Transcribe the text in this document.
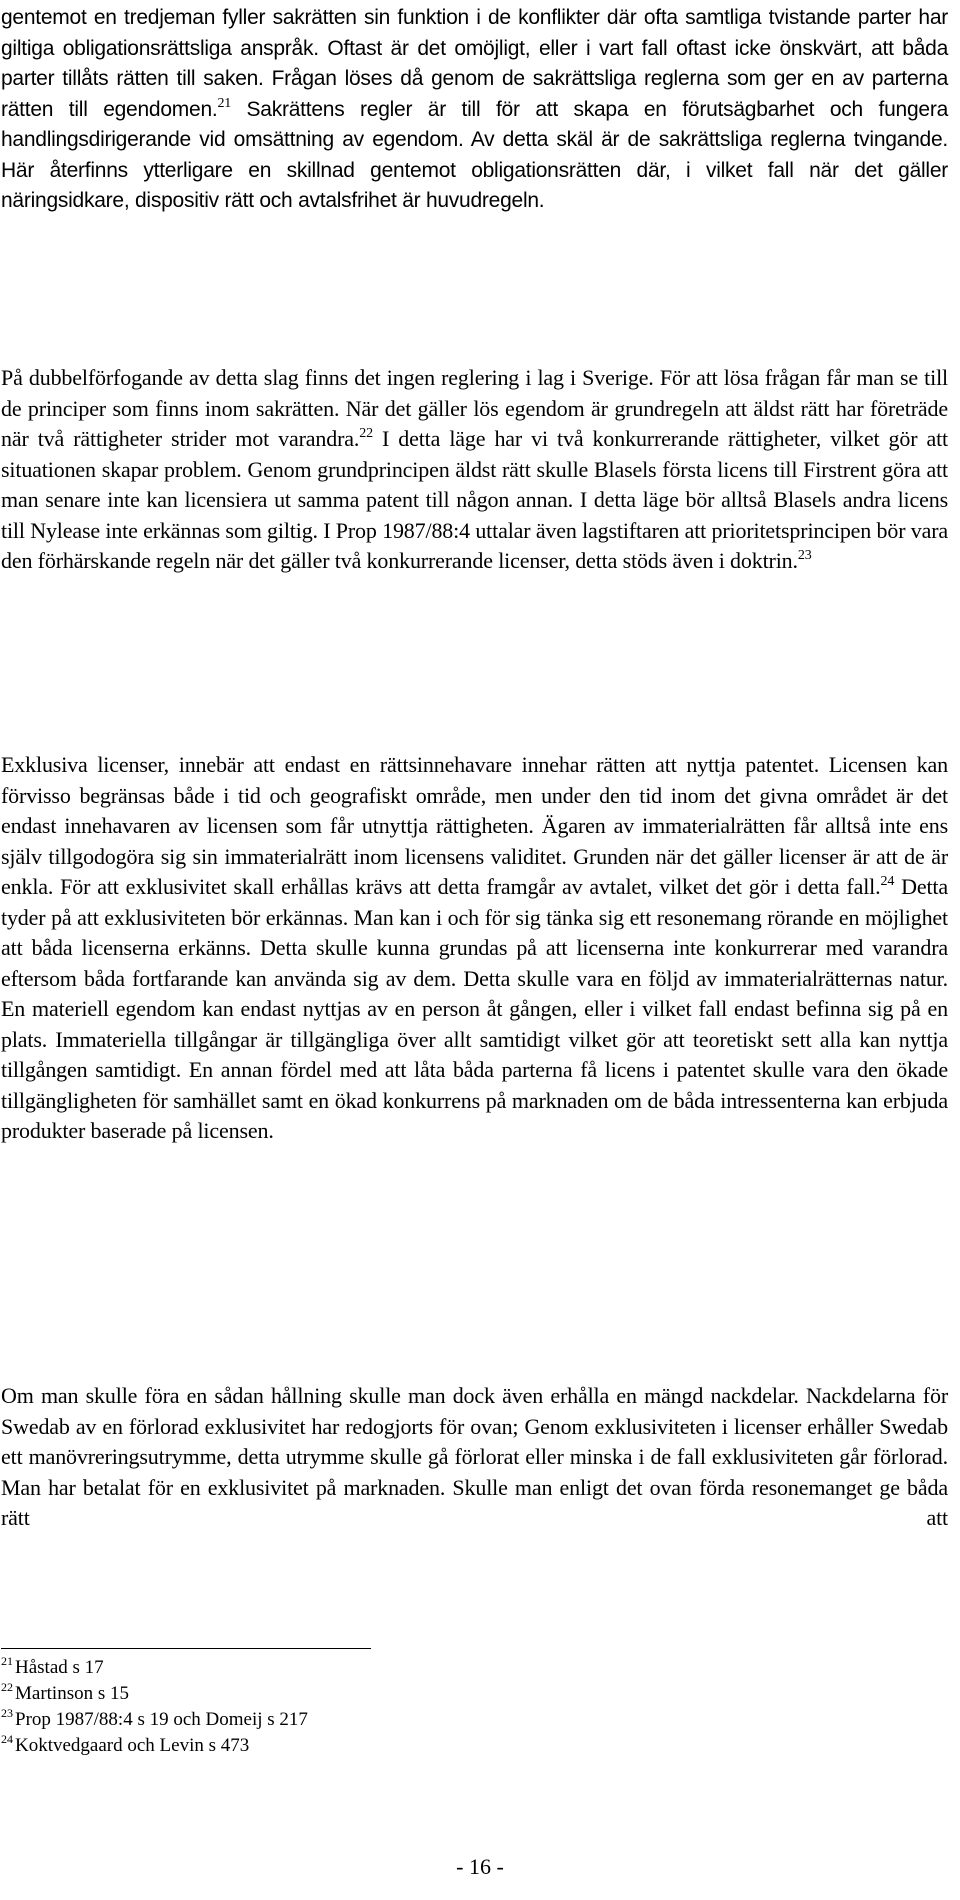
gentemot en tredjeman fyller sakrätten sin funktion i de konflikter där ofta samtliga tvistande parter har giltiga obligationsrättsliga anspråk. Oftast är det omöjligt, eller i vart fall oftast icke önskvärt, att båda parter tillåts rätten till saken. Frågan löses då genom de sakrättsliga reglerna som ger en av parterna rätten till egendomen.$^{21}$ Sakrättens regler är till för att skapa en förutsägbarhet och fungera handlingsdirigerande vid omsättning av egendom. Av detta skäl är de sakrättsliga reglerna tvingande. Här återfinns ytterligare en skillnad gentemot obligationsrätten där, i vilket fall när det gäller näringsidkare, dispositiv rätt och avtalsfrihet är huvudregeln.

På dubbelförfogande av detta slag finns det ingen reglering i lag i Sverige. För att lösa frågan får man se till de principer som finns inom sakrätten. När det gäller lös egendom är grundregeln att äldst rätt har företräde när två rättigheter strider mot varandra.$^{22}$ I detta läge har vi två konkurrerande rättigheter, vilket gör att situationen skapar problem. Genom grundprincipen äldst rätt skulle Blasels första licens till Firstrent göra att man senare inte kan licensiera ut samma patent till någon annan. I detta läge bör alltså Blasels andra licens till Nylease inte erkännas som giltig. I Prop 1987/88:4 uttalar även lagstiftaren att prioritetsprincipen bör vara den förhärskande regeln när det gäller två konkurrerande licenser, detta stöds även i doktrin.$^{23}$

Exklusiva licenser, innebär att endast en rättsinnehavare innehar rätten att nyttja patentet. Licensen kan förvisso begränsas både i tid och geografiskt område, men under den tid inom det givna området är det endast innehavaren av licensen som får utnyttja rättigheten. Ägaren av immaterialrätten får alltså inte ens själv tillgodogöra sig sin immaterialrätt inom licensens validitet. Grunden när det gäller licenser är att de är enkla. För att exklusivitet skall erhållas krävs att detta framgår av avtalet, vilket det gör i detta fall.$^{24}$ Detta tyder på att exklusiviteten bör erkännas. Man kan i och för sig tänka sig ett resonemang rörande en möjlighet att båda licenserna erkänns. Detta skulle kunna grundas på att licenserna inte konkurrerar med varandra eftersom båda fortfarande kan använda sig av dem. Detta skulle vara en följd av immaterialrätternas natur. En materiell egendom kan endast nyttjas av en person åt gången, eller i vilket fall endast befinna sig på en plats. Immateriella tillgångar är tillgängliga över allt samtidigt vilket gör att teoretiskt sett alla kan nyttja tillgången samtidigt. En annan fördel med att låta båda parterna få licens i patentet skulle vara den ökade tillgängligheten för samhället samt en ökad konkurrens på marknaden om de båda intressenterna kan erbjuda produkter baserade på licensen.

Om man skulle föra en sådan hållning skulle man dock även erhålla en mängd nackdelar. Nackdelarna för Swedab av en förlorad exklusivitet har redogjorts för ovan; Genom exklusiviteten i licenser erhåller Swedab ett manövreringsutrymme, detta utrymme skulle gå förlorat eller minska i de fall exklusiviteten går förlorad. Man har betalat för en exklusivitet på marknaden. Skulle man enligt det ovan förda resonemanget ge båda rätt att

$^{21}$ Håstad s 17
$^{22}$ Martinson s 15
$^{23}$ Prop 1987/88:4 s 19 och Domeij s 217
$^{24}$ Koktvedgaard och Levin s 473
- 16 -
